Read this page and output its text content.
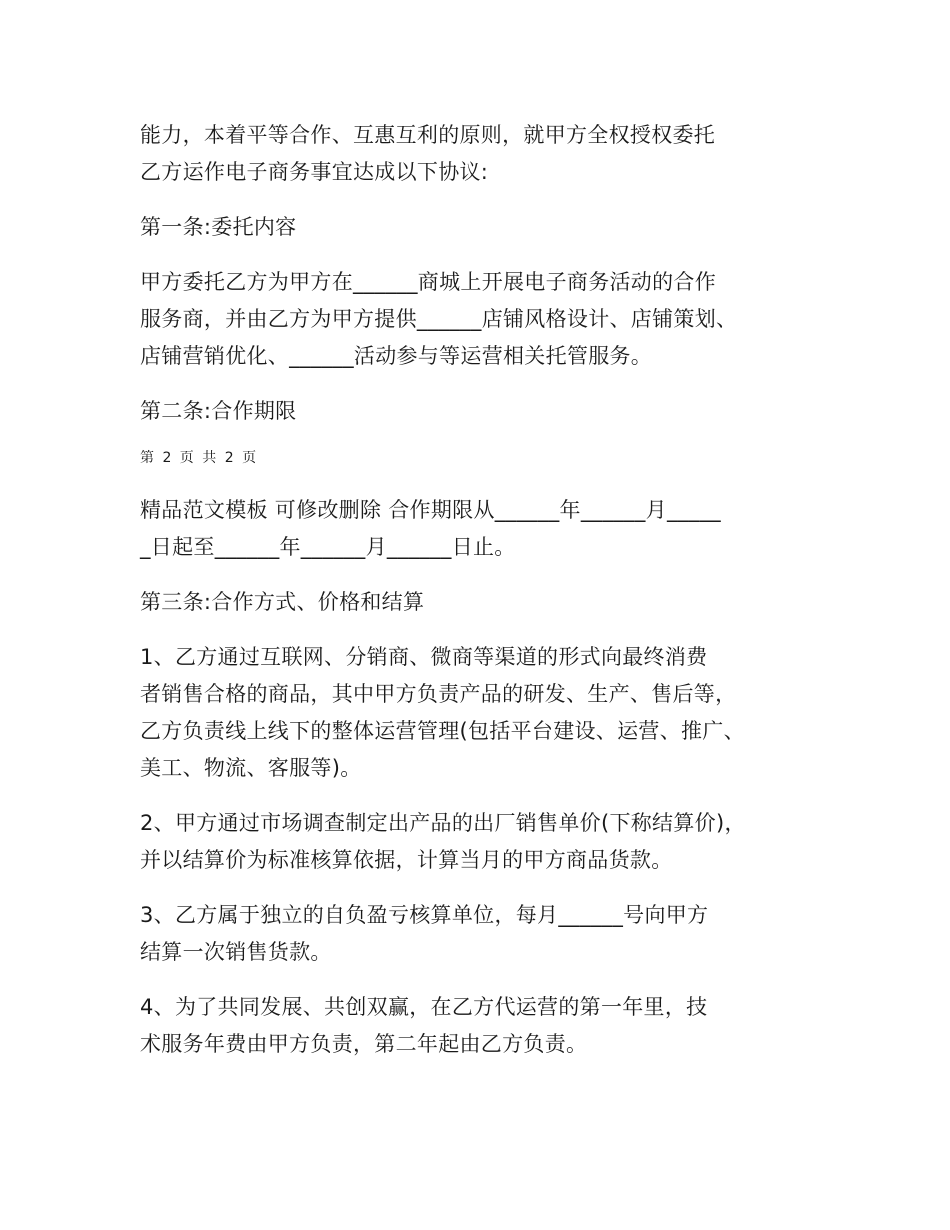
能力，本着平等合作、互惠互利的原则，就甲方全权授权委托
乙方运作电子商务事宜达成以下协议:
第一条:委托内容
甲方委托乙方为甲方在______商城上开展电子商务活动的合作
服务商，并由乙方为甲方提供______店铺风格设计、店铺策划、
店铺营销优化、______活动参与等运营相关托管服务。
第二条:合作期限
第 2 页 共 2 页
精品范文模板 可修改删除 合作期限从______年______月_____
_日起至______年______月______日止。
第三条:合作方式、价格和结算
1、乙方通过互联网、分销商、微商等渠道的形式向最终消费
者销售合格的商品，其中甲方负责产品的研发、生产、售后等，
乙方负责线上线下的整体运营管理(包括平台建设、运营、推广、
美工、物流、客服等)。
2、甲方通过市场调查制定出产品的出厂销售单价(下称结算价)，
并以结算价为标准核算依据，计算当月的甲方商品货款。
3、乙方属于独立的自负盈亏核算单位，每月______号向甲方
结算一次销售货款。
4、为了共同发展、共创双赢，在乙方代运营的第一年里，技
术服务年费由甲方负责，第二年起由乙方负责。
